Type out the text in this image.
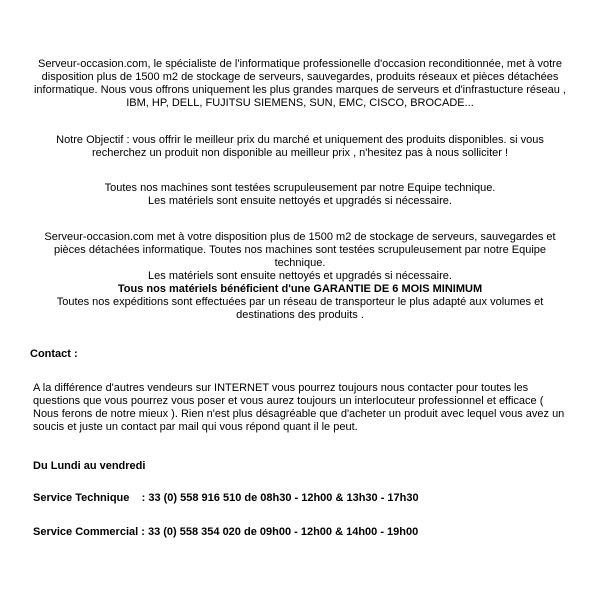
Serveur-occasion.com, le spécialiste de l'informatique professionelle d'occasion reconditionnée, met à votre

disposition plus de 1500 m2 de stockage de serveurs, sauvegardes, produits réseaux et pièces détachées

informatique. Nous vous offrons uniquement les plus grandes marques de serveurs et d'infrastucture réseau ,

IBM, HP, DELL, FUJITSU SIEMENS, SUN, EMC, CISCO, BROCADE...

Notre Objectif : vous offrir le meilleur prix du marché et uniquement des produits disponibles. si vous

recherchez un produit non disponible au meilleur prix , n'hesitez pas à nous solliciter !

Toutes nos machines sont testées scrupuleusement par notre Equipe technique.

Les matériels sont ensuite nettoyés et upgradés si nécessaire.

Serveur-occasion.com met à votre disposition plus de 1500 m2 de stockage de serveurs, sauvegardes et

pièces détachées informatique. Toutes nos machines sont testées scrupuleusement par notre Equipe

technique.

Les matériels sont ensuite nettoyés et upgradés si nécessaire.

Tous nos matériels bénéficient d'une GARANTIE DE 6 MOIS MINIMUM

Toutes nos expéditions sont effectuées par un réseau de transporteur le plus adapté aux volumes et

destinations des produits .

Contact :

A la différence d'autres vendeurs sur INTERNET vous pourrez toujours nous contacter pour toutes les

questions que vous pourrez vous poser et vous aurez toujours un interlocuteur professionnel et efficace (

Nous ferons de notre mieux ). Rien n'est plus désagréable que d'acheter un produit avec lequel vous avez un

soucis et juste un contact par mail qui vous répond quant il le peut.

Du Lundi au vendredi
Service Technique    : 33 (0) 558 916 510 de 08h30 - 12h00 & 13h30 - 17h30
Service Commercial : 33 (0) 558 354 020 de 09h00 - 12h00 & 14h00 - 19h00
